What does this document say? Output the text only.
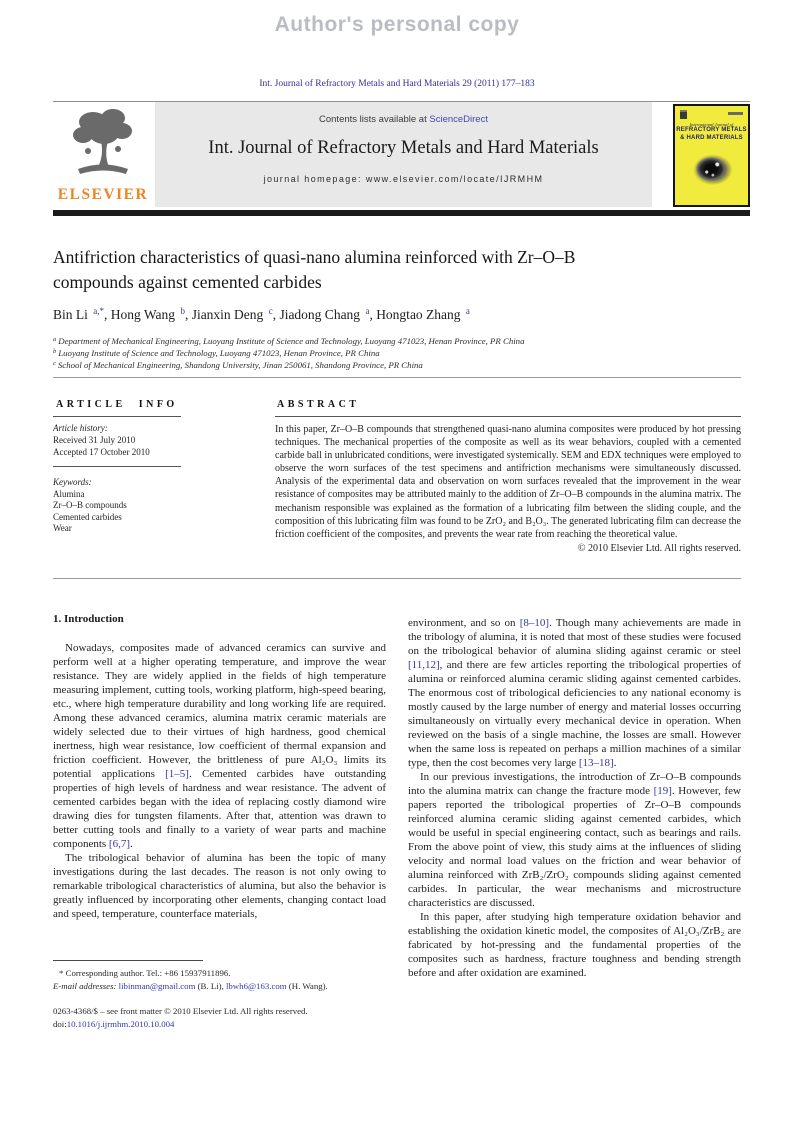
Author's personal copy
Int. Journal of Refractory Metals and Hard Materials 29 (2011) 177–183
ELSEVIER
Contents lists available at ScienceDirect
Int. Journal of Refractory Metals and Hard Materials
journal homepage: www.elsevier.com/locate/IJRMHM
International Journal of
REFRACTORY METALS
& HARD MATERIALS
Antifriction characteristics of quasi-nano alumina reinforced with Zr–O–B
compounds against cemented carbides
Bin Li $^{a,*}$, Hong Wang $^b$, Jianxin Deng $^c$, Jiadong Chang $^a$, Hongtao Zhang $^a$
$^a$ Department of Mechanical Engineering, Luoyang Institute of Science and Technology, Luoyang 471023, Henan Province, PR China
$^b$ Luoyang Institute of Science and Technology, Luoyang 471023, Henan Province, PR China
$^c$ School of Mechanical Engineering, Shandong University, Jinan 250061, Shandong Province, PR China
ARTICLE INFO	ABSTRACT
Article history:
Received 31 July 2010
Accepted 17 October 2010
Keywords:
Alumina
Zr–O–B compounds
Cemented carbides
Wear
In this paper, Zr–O–B compounds that strengthened quasi-nano alumina composites were produced by hot pressing techniques. The mechanical properties of the composite as well as its wear behaviors, coupled with a cemented carbide ball in unlubricated conditions, were investigated systemically. SEM and EDX techniques were employed to observe the worn surfaces of the test specimens and antifriction mechanisms were simultaneously discussed. Analysis of the experimental data and observation on worn surfaces revealed that the improvement in the wear resistance of composites may be attributed mainly to the addition of Zr–O–B compounds in the alumina matrix. The mechanism responsible was explained as the formation of a lubricating film between the sliding couple, and the composition of this lubricating film was found to be ZrO₂ and B₂O₃. The generated lubricating film can decrease the friction coefficient of the composites, and prevents the wear rate from reaching the theoretical value.
© 2010 Elsevier Ltd. All rights reserved.
1. Introduction

Nowadays, composites made of advanced ceramics can survive and perform well at a higher operating temperature, and improve the wear resistance. They are widely applied in the fields of high temperature measuring implement, cutting tools, working platform, high-speed bearing, etc., where high temperature durability and long working life are required. Among these advanced ceramics, alumina matrix ceramic materials are widely selected due to their virtues of high hardness, good chemical inertness, high wear resistance, low coefficient of thermal expansion and friction coefficient. However, the brittleness of pure Al₂O₃ limits its potential applications [1–5]. Cemented carbides have outstanding properties of high levels of hardness and wear resistance. The advent of cemented carbides began with the idea of replacing costly diamond wire drawing dies for tungsten filaments. After that, attention was drawn to better cutting tools and finally to a variety of wear parts and machine components [6,7].

The tribological behavior of alumina has been the topic of many investigations during the last decades. The reason is not only owing to remarkable tribological characteristics of alumina, but also the behavior is greatly influenced by incorporating other elements, changing contact load and speed, temperature, counterface materials,

environment, and so on [8–10]. Though many achievements are made in the tribology of alumina, it is noted that most of these studies were focused on the tribological behavior of alumina sliding against ceramic or steel [11,12], and there are few articles reporting the tribological properties of alumina or reinforced alumina ceramic sliding against cemented carbides. The enormous cost of tribological deficiencies to any national economy is mostly caused by the large number of energy and material losses occurring simultaneously on virtually every mechanical device in operation. When reviewed on the basis of a single machine, the losses are small. However when the same loss is repeated on perhaps a million machines of a similar type, then the cost becomes very large [13–18].

In our previous investigations, the introduction of Zr–O–B compounds into the alumina matrix can change the fracture mode [19]. However, few papers reported the tribological properties of Zr–O–B compounds reinforced alumina ceramic sliding against cemented carbides, which would be useful in special engineering contact, such as bearings and rails. From the above point of view, this study aims at the influences of sliding velocity and normal load values on the friction and wear behavior of alumina reinforced with ZrB₂/ZrO₂ compounds sliding against cemented carbides. In particular, the wear mechanisms and microstructure characteristics are discussed.

In this paper, after studying high temperature oxidation behavior and establishing the oxidation kinetic model, the composites of Al₂O₃/ZrB₂ are fabricated by hot-pressing and the fundamental properties of the composites such as hardness, fracture toughness and bending strength before and after oxidation are examined.

* Corresponding author. Tel.: +86 15937911896.
E-mail addresses: libinman@gmail.com (B. Li), lbwh6@163.com (H. Wang).
0263-4368/$ – see front matter © 2010 Elsevier Ltd. All rights reserved.
doi:10.1016/j.ijrmhm.2010.10.004
